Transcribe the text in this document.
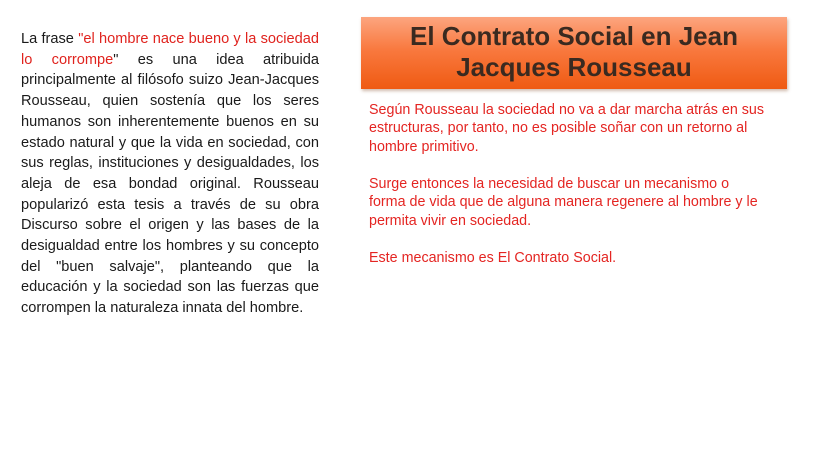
La frase "el hombre nace bueno y la sociedad lo corrompe" es una idea atribuida principalmente al filósofo suizo Jean-Jacques Rousseau, quien sostenía que los seres humanos son inherentemente buenos en su estado natural y que la vida en sociedad, con sus reglas, instituciones y desigualdades, los aleja de esa bondad original. Rousseau popularizó esta tesis a través de su obra Discurso sobre el origen y las bases de la desigualdad entre los hombres y su concepto del "buen salvaje", planteando que la educación y la sociedad son las fuerzas que corrompen la naturaleza innata del hombre.

El Contrato Social en Jean
Jacques Rousseau

Según Rousseau la sociedad no va a dar marcha atrás en sus estructuras, por tanto, no es posible soñar con un retorno al hombre primitivo.

Surge entonces la necesidad de buscar un mecanismo o forma de vida que de alguna manera regenere al hombre y le permita vivir en sociedad.

Este mecanismo es El Contrato Social.
